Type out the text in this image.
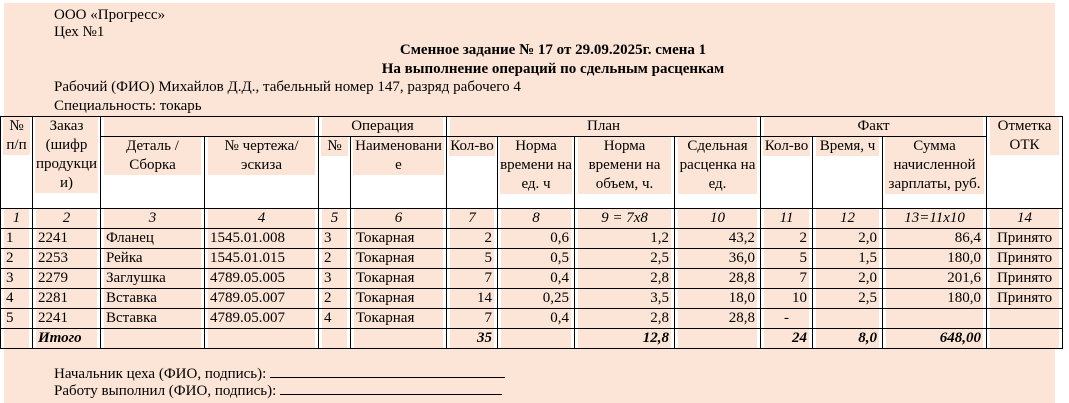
ООО «Прогресс»
Цех №1
Сменное задание № 17 от 29.09.2025г. смена 1
На выполнение операций по сдельным расценкам
Рабочий (ФИО) Михайлов Д.Д., табельный номер 147, разряд рабочего 4
Специальность: токарь
№ п/п	Заказ (шифр продукции)			Операция		План				Факт			Отметка ОТК

		Деталь / Сборка	№ чертежа/ эскиза	№	Наименование	Кол-во	Норма времени на ед. ч	Норма времени на объем, ч.	Сдельная расценка на ед.	Кол-во	Время, ч	Сумма начисленной зарплаты, руб.	

1	2	3	4	5	6	7	8	9 = 7x8	10	11	12	13=11x10	14
1	2241	Фланец	1545.01.008	3	Токарная	2	0,6	1,2	43,2	2	2,0	86,4	Принято
2	2253	Рейка	1545.01.015	2	Токарная	5	0,5	2,5	36,0	5	1,5	180,0	Принято
3	2279	Заглушка	4789.05.005	3	Токарная	7	0,4	2,8	28,8	7	2,0	201,6	Принято
4	2281	Вставка	4789.05.007	2	Токарная	14	0,25	3,5	18,0	10	2,5	180,0	Принято
5	2241	Вставка	4789.05.007	4	Токарная	7	0,4	2,8	28,8	-			
	Итого					35		12,8		24	8,0	648,00	
Начальник цеха (ФИО, подпись):
Работу выполнил (ФИО, подпись):
